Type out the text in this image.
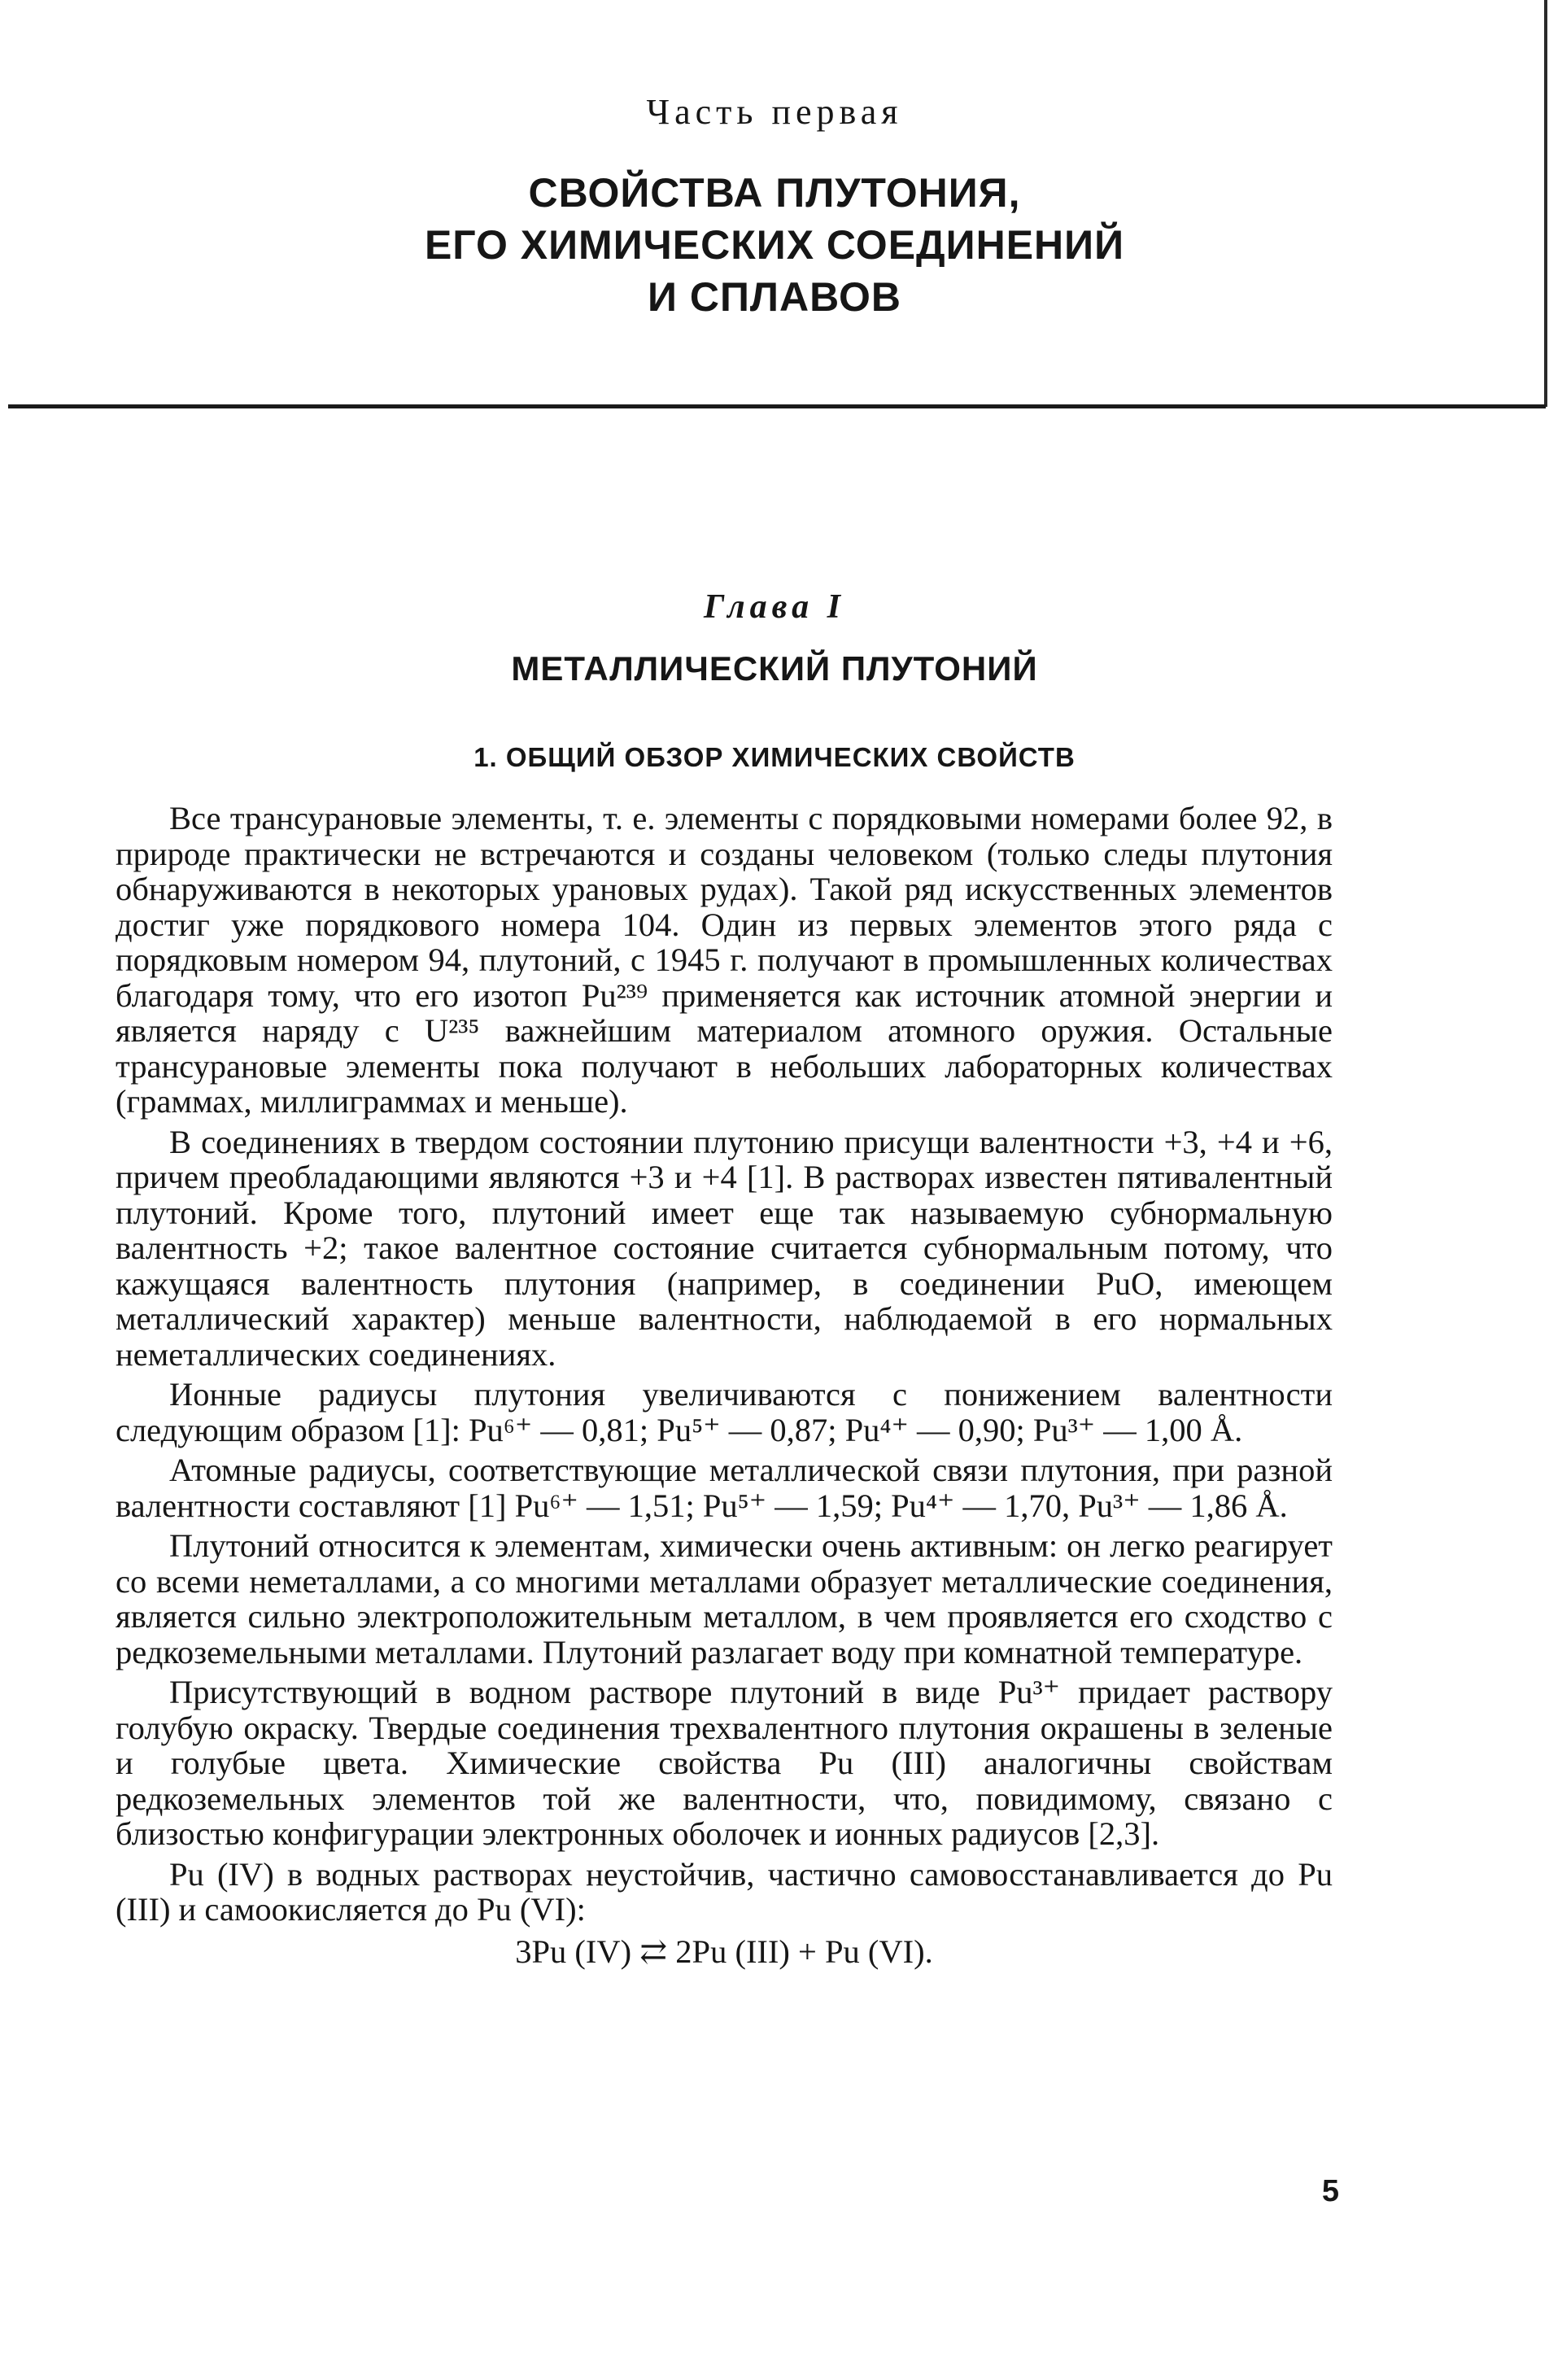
Часть первая
СВОЙСТВА ПЛУТОНИЯ,
ЕГО ХИМИЧЕСКИХ СОЕДИНЕНИЙ
И СПЛАВОВ
Глава I
МЕТАЛЛИЧЕСКИЙ ПЛУТОНИЙ
1. ОБЩИЙ ОБЗОР ХИМИЧЕСКИХ СВОЙСТВ

Все трансурановые элементы, т. е. элементы с порядковыми номерами более 92, в природе практически не встречаются и созданы человеком (только следы плутония обнаруживаются в некоторых урановых рудах). Такой ряд искусственных элементов достиг уже порядкового номера 104. Один из первых элементов этого ряда с порядковым номером 94, плутоний, с 1945 г. получают в промышленных количествах благодаря тому, что его изотоп Pu²³⁹ применяется как источник атомной энергии и является наряду с U²³⁵ важнейшим материалом атомного оружия. Остальные трансурановые элементы пока получают в небольших лабораторных количествах (граммах, миллиграммах и меньше).

В соединениях в твердом состоянии плутонию присущи валентности +3, +4 и +6, причем преобладающими являются +3 и +4 [1]. В растворах известен пятивалентный плутоний. Кроме того, плутоний имеет еще так называемую субнормальную валентность +2; такое валентное состояние считается субнормальным потому, что кажущаяся валентность плутония (например, в соединении PuO, имеющем металлический характер) меньше валентности, наблюдаемой в его нормальных неметаллических соединениях.

Ионные радиусы плутония увеличиваются с понижением валентности следующим образом [1]: Pu⁶⁺ — 0,81; Pu⁵⁺ — 0,87; Pu⁴⁺ — 0,90; Pu³⁺ — 1,00 Å.

Атомные радиусы, соответствующие металлической связи плутония, при разной валентности составляют [1] Pu⁶⁺ — 1,51; Pu⁵⁺ — 1,59; Pu⁴⁺ — 1,70, Pu³⁺ — 1,86 Å.

Плутоний относится к элементам, химически очень активным: он легко реагирует со всеми неметаллами, а со многими металлами образует металлические соединения, является сильно электроположительным металлом, в чем проявляется его сходство с редкоземельными металлами. Плутоний разлагает воду при комнатной температуре.

Присутствующий в водном растворе плутоний в виде Pu³⁺ придает раствору голубую окраску. Твердые соединения трехвалентного плутония окрашены в зеленые и голубые цвета. Химические свойства Pu (III) аналогичны свойствам редкоземельных элементов той же валентности, что, повидимому, связано с близостью конфигурации электронных оболочек и ионных радиусов [2,3].

Pu (IV) в водных растворах неустойчив, частично самовосстанавливается до Pu (III) и самоокисляется до Pu (VI):

3Pu (IV) ⇄ 2Pu (III) + Pu (VI).
5
